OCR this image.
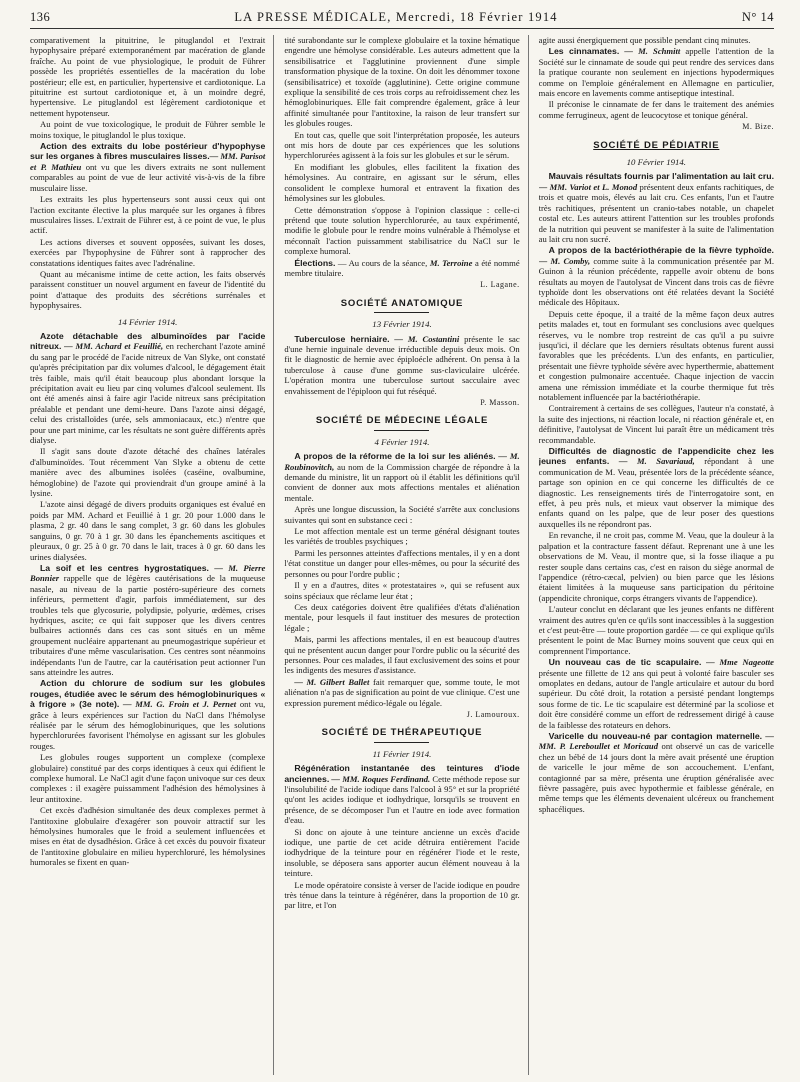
136	LA PRESSE MÉDICALE, Mercredi, 18 Février 1914	N° 14

comparativement la pituitrine, le pituglandol et l'extrait hypophysaire préparé extemporanément par macération de glande fraîche. Au point de vue physiologique, le produit de Führer possède les propriétés essentielles de la macération du lobe postérieur; elle est, en particulier, hypertensive et cardiotonique. La pituitrine est surtout cardiotonique et, à un moindre degré, hypertensive. Le pituglandol est légèrement cardiotonique et nettement hypotenseur.

Au point de vue toxicologique, le produit de Führer semble le moins toxique, le pituglandol le plus toxique.

Action des extraits du lobe postérieur d'hypophyse sur les organes à fibres musculaires lisses.— MM. Parisot et P. Mathieu ont vu que les divers extraits ne sont nullement comparables au point de vue de leur activité vis-à-vis de la fibre musculaire lisse.

Les extraits les plus hypertenseurs sont aussi ceux qui ont l'action excitante élective la plus marquée sur les organes à fibres musculaires lisses. L'extrait de Führer est, à ce point de vue, le plus actif.

Les actions diverses et souvent opposées, suivant les doses, exercées par l'hypophysine de Führer sont à rapprocher des constatations identiques faites avec l'adrénaline.

Quant au mécanisme intime de cette action, les faits observés paraissent constituer un nouvel argument en faveur de l'identité du point d'attaque des produits des sécrétions surrénales et hypophysaires.

14 Février 1914.

Azote détachable des albuminoïdes par l'acide nitreux. — MM. Achard et Feuillié, en recherchant l'azote aminé du sang par le procédé de l'acide nitreux de Van Slyke, ont constaté qu'après précipitation par dix volumes d'alcool, le dégagement était très faible, mais qu'il était beaucoup plus abondant lorsque la précipitation avait eu lieu par cinq volumes d'alcool seulement. Ils ont été amenés ainsi à faire agir l'acide nitreux sans précipitation préalable et pendant une demi-heure. Dans l'azote ainsi dégagé, celui des cristalloïdes (urée, sels ammoniacaux, etc.) n'entre que pour une part minime, car les résultats ne sont guère différents après dialyse.

Il s'agit sans doute d'azote détaché des chaînes latérales d'albuminoïdes. Tout récemment Van Slyke a obtenu de cette manière avec des albumines isolées (caséine, ovalbumine, hémoglobine) de l'azote qui proviendrait d'un groupe aminé à la lysine.

L'azote ainsi dégagé de divers produits organiques est évalué en poids par MM. Achard et Feuillié à 1 gr. 20 pour 1.000 dans le plasma, 2 gr. 40 dans le sang complet, 3 gr. 60 dans les globules sanguins, 0 gr. 70 à 1 gr. 30 dans les épanchements ascitiques et pleuraux, 0 gr. 25 à 0 gr. 70 dans le lait, traces à 0 gr. 60 dans les urines dialysées.

La soif et les centres hygrostatiques. — M. Pierre Bonnier rappelle que de légères cautérisations de la muqueuse nasale, au niveau de la partie postéro-supérieure des cornets inférieurs, permettent d'agir, parfois immédiatement, sur des troubles tels que glycosurie, polydipsie, polyurie, œdèmes, crises hydriques, ascite; ce qui fait supposer que les divers centres bulbaires actionnés dans ces cas sont situés en un même groupement nucléaire appartenant au pneumogastrique supérieur et tributaires d'une même vascularisation. Ces centres sont néanmoins indépendants l'un de l'autre, car la cautérisation peut actionner l'un sans atteindre les autres.

Action du chlorure de sodium sur les globules rouges, étudiée avec le sérum des hémoglobinuriques « à frigore » (3e note). — MM. G. Froin et J. Pernet ont vu, grâce à leurs expériences sur l'action du NaCl dans l'hémolyse réalisée par le sérum des hémoglobinuriques, que les solutions hyperchlorurées favorisent l'hémolyse en agissant sur les globules rouges.

Les globules rouges supportent un complexe (complexe globulaire) constitué par des corps identiques à ceux qui édifient le complexe humoral. Le NaCl agit d'une façon univoque sur ces deux complexes : il exagère puissamment l'adhésion des hémolysines à leur antitoxine.

Cet excès d'adhésion simultanée des deux complexes permet à l'antitoxine globulaire d'exagérer son pouvoir attractif sur les hémolysines humorales que le froid a seulement influencées et mises en état de dysadhésion. Grâce à cet excès du pouvoir fixateur de l'antitoxine globulaire en milieu hyperchloruré, les hémolysines humorales se fixent en quan-

tité surabondante sur le complexe globulaire et la toxine hématique engendre une hémolyse considérable. Les auteurs admettent que la sensibilisatrice et l'agglutinine proviennent d'une simple transformation physique de la toxine. On doit les dénommer toxone (sensibilisatrice) et toxoïde (agglutinine). Cette origine commune explique la sensibilité de ces trois corps au refroidissement chez les hémoglobinuriques. Elle fait comprendre également, grâce à leur affinité simultanée pour l'antitoxine, la raison de leur transfert sur les globules rouges.

En tout cas, quelle que soit l'interprétation proposée, les auteurs ont mis hors de doute par ces expériences que les solutions hyperchlorurées agissent à la fois sur les globules et sur le sérum.

En modifiant les globules, elles facilitent la fixation des hémolysines. Au contraire, en agissant sur le sérum, elles consolident le complexe humoral et entravent la fixation des hémolysines sur les globules.

Cette démonstration s'oppose à l'opinion classique : celle-ci prétend que toute solution hyperchlorurée, au taux expérimenté, modifie le globule pour le rendre moins vulnérable à l'hémolyse et méconnaît l'action puissamment stabilisatrice du NaCl sur le complexe humoral.

Élections. — Au cours de la séance, M. Terroine a été nommé membre titulaire.

L. Lagane.
SOCIÉTÉ ANATOMIQUE
13 Février 1914.

Tuberculose herniaire. — M. Costantini présente le sac d'une hernie inguinale devenue irréductible depuis deux mois. On fit le diagnostic de hernie avec épiploécle adhérent. On pensa à la tuberculose à cause d'une gomme sus-claviculaire ulcérée. L'opération montra une tuberculose surtout sacculaire avec envahissement de l'épiploon qui fut réséqué.

P. Masson.
SOCIÉTÉ DE MÉDECINE LÉGALE
4 Février 1914.

A propos de la réforme de la loi sur les aliénés. — M. Roubinovitch, au nom de la Commission chargée de répondre à la demande du ministre, lit un rapport où il établit les définitions qu'il convient de donner aux mots affections mentales et aliénation mentale.

Après une longue discussion, la Société s'arrête aux conclusions suivantes qui sont en substance ceci :

Le mot affection mentale est un terme général désignant toutes les variétés de troubles psychiques ;

Parmi les personnes atteintes d'affections mentales, il y en a dont l'état constitue un danger pour elles-mêmes, ou pour la sécurité des personnes ou pour l'ordre public ;

Il y en a d'autres, dites « protestataires », qui se refusent aux soins spéciaux que réclame leur état ;

Ces deux catégories doivent être qualifiées d'états d'aliénation mentale, pour lesquels il faut instituer des mesures de protection légale ;

Mais, parmi les affections mentales, il en est beaucoup d'autres qui ne présentent aucun danger pour l'ordre public ou la sécurité des personnes. Pour ces malades, il faut exclusivement des soins et pour les indigents des mesures d'assistance.

— M. Gilbert Ballet fait remarquer que, somme toute, le mot aliénation n'a pas de signification au point de vue clinique. C'est une expression purement médico-légale ou légale.

J. Lamouroux.
SOCIÉTÉ DE THÉRAPEUTIQUE
11 Février 1914.

Régénération instantanée des teintures d'iode anciennes. — MM. Roques Ferdinand. Cette méthode repose sur l'insolubilité de l'acide iodique dans l'alcool à 95° et sur la propriété qu'ont les acides iodique et iodhydrique, lorsqu'ils se trouvent en présence, de se décomposer l'un et l'autre en iode avec formation d'eau.

Si donc on ajoute à une teinture ancienne un excès d'acide iodique, une partie de cet acide détruira entièrement l'acide iodhydrique de la teinture pour en régénérer l'iode et le reste, insoluble, se déposera sans apporter aucun élément nouveau à la teinture.

Le mode opératoire consiste à verser de l'acide iodique en poudre très ténue dans la teinture à régénérer, dans la proportion de 10 gr. par litre, et l'on

agite aussi énergiquement que possible pendant cinq minutes.

Les cinnamates. — M. Schmitt appelle l'attention de la Société sur le cinnamate de soude qui peut rendre des services dans la pratique courante non seulement en injections hypodermiques comme on l'emploie généralement en Allemagne en particulier, mais encore en lavements comme antiseptique intestinal.

Il préconise le cinnamate de fer dans le traitement des anémies comme ferrugineux, agent de leucocytose et tonique général.

M. Bize.
SOCIÉTÉ DE PÉDIATRIE
10 Février 1914.

Mauvais résultats fournis par l'alimentation au lait cru. — MM. Variot et L. Monod présentent deux enfants rachitiques, de trois et quatre mois, élevés au lait cru. Ces enfants, l'un et l'autre très rachitiques, présentent un cranio-tabes notable, un chapelet costal etc. Les auteurs attirent l'attention sur les troubles profonds de la nutrition qui peuvent se manifester à la suite de l'alimentation au lait cru non sucré.

A propos de la bactériothérapie de la fièvre typhoïde. — M. Comby, comme suite à la communication présentée par M. Guinon à la réunion précédente, rappelle avoir obtenu de bons résultats au moyen de l'autolysat de Vincent dans trois cas de fièvre typhoïde dont les observations ont été relatées devant la Société médicale des Hôpitaux.

Depuis cette époque, il a traité de la même façon deux autres petits malades et, tout en formulant ses conclusions avec quelques réserves, vu le nombre trop restreint de cas qu'il a pu suivre jusqu'ici, il déclare que les derniers résultats obtenus furent aussi favorables que les précédents. L'un des enfants, en particulier, présentait une fièvre typhoïde sévère avec hyperthermie, abattement et congestion pulmonaire accentuée. Chaque injection de vaccin amena une rémission immédiate et la courbe thermique fut très notablement influencée par la bactériothérapie.

Contrairement à certains de ses collègues, l'auteur n'a constaté, à la suite des injections, ni réaction locale, ni réaction générale et, en définitive, l'autolysat de Vincent lui paraît être un médicament très recommandable.

Difficultés de diagnostic de l'appendicite chez les jeunes enfants. — M. Savariaud, répondant à une communication de M. Veau, présentée lors de la précédente séance, partage son opinion en ce qui concerne les difficultés de ce diagnostic. Les renseignements tirés de l'interrogatoire sont, en effet, à peu près nuls, et mieux vaut observer la mimique des enfants quand on les palpe, que de leur poser des questions auxquelles ils ne répondront pas.

En revanche, il ne croit pas, comme M. Veau, que la douleur à la palpation et la contracture fassent défaut. Reprenant une à une les observations de M. Veau, il montre que, si la fosse iliaque a pu rester souple dans certains cas, c'est en raison du siège anormal de l'appendice (rétro-cæcal, pelvien) ou bien parce que les lésions étaient limitées à la muqueuse sans participation du péritoine (appendicite chronique, corps étrangers vivants de l'appendice).

L'auteur conclut en déclarant que les jeunes enfants ne diffèrent vraiment des autres qu'en ce qu'ils sont inaccessibles à la suggestion et c'est peut-être — toute proportion gardée — ce qui explique qu'ils présentent le point de Mac Burney moins souvent que ceux qui en comprennent l'importance.

Un nouveau cas de tic scapulaire. — Mme Nageotte présente une fillette de 12 ans qui peut à volonté faire basculer ses omoplates en dedans, autour de l'angle articulaire et autour du bord supérieur. Du côté droit, la rotation a persisté pendant longtemps sous forme de tic. Le tic scapulaire est déterminé par la scoliose et doit être considéré comme un effort de redressement dirigé à cause de la faiblesse des rotateurs en dehors.

Varicelle du nouveau-né par contagion maternelle. — MM. P. Lereboullet et Moricaud ont observé un cas de varicelle chez un bébé de 14 jours dont la mère avait présenté une éruption de varicelle le jour même de son accouchement. L'enfant, contagionné par sa mère, présenta une éruption généralisée avec fièvre passagère, puis avec hypothermie et faiblesse générale, en même temps que les éléments devenaient ulcéreux ou franchement sphacéliques.
